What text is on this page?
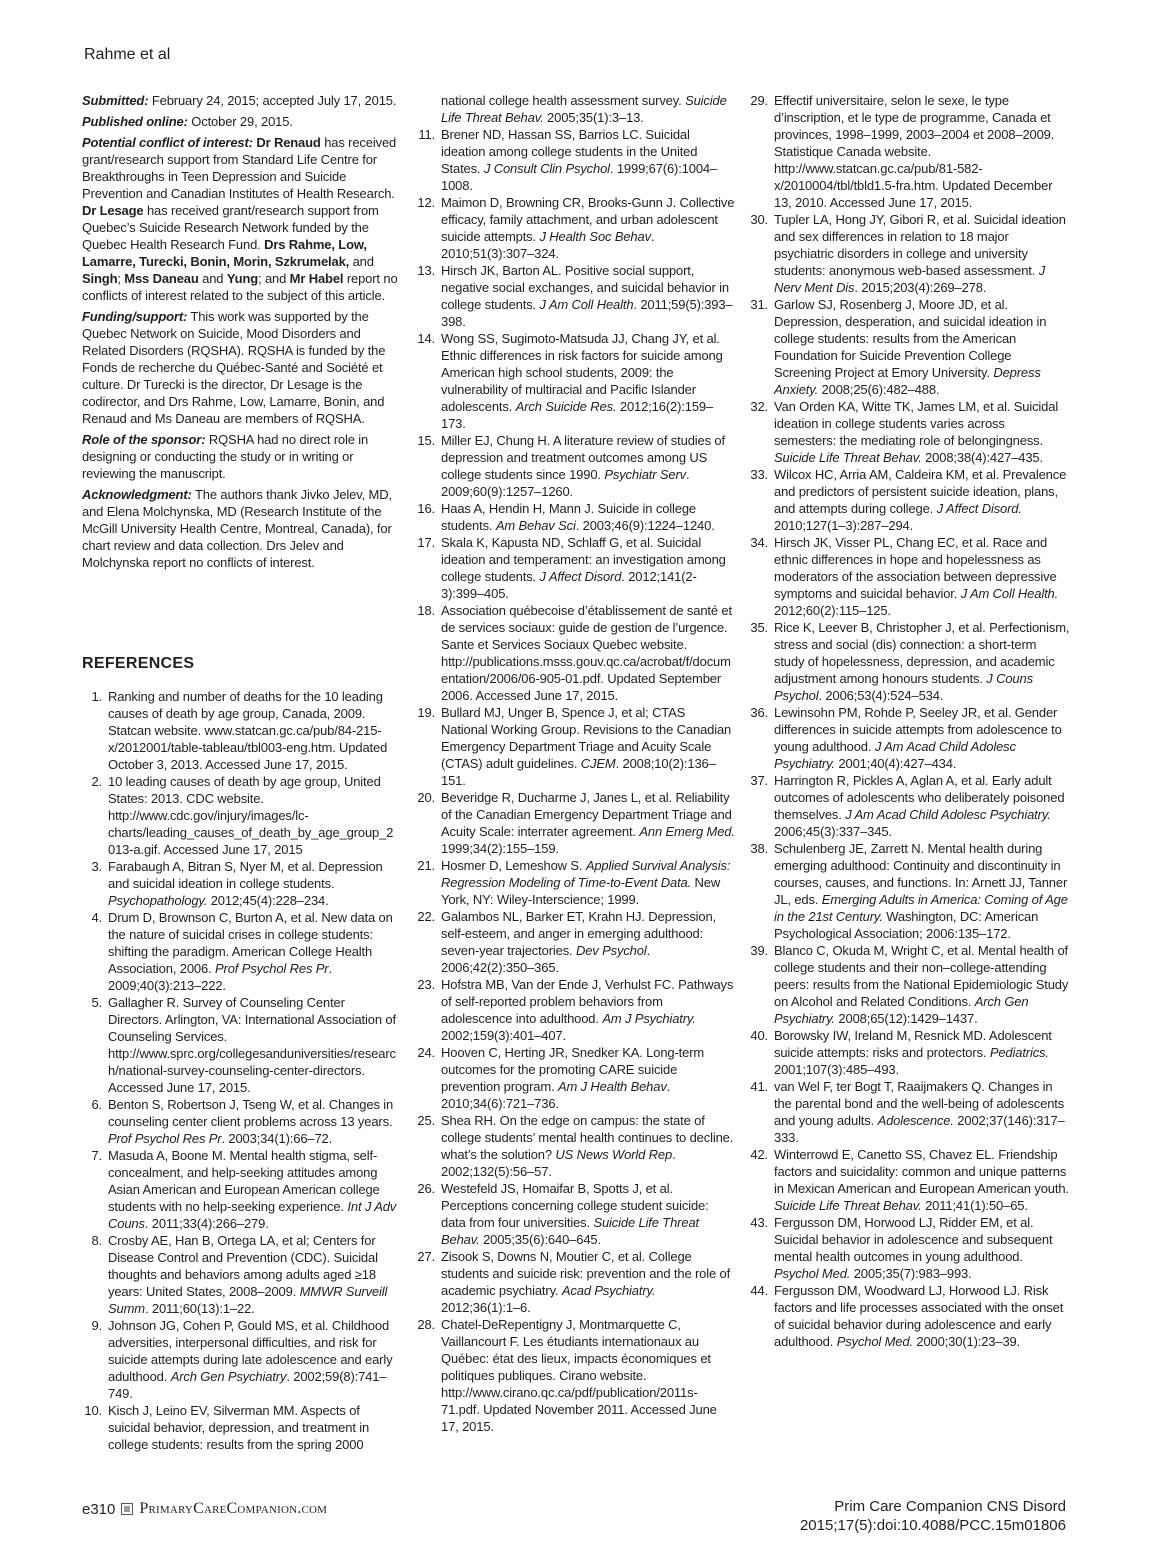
Rahme et al

Submitted: February 24, 2015; accepted July 17, 2015.

Published online: October 29, 2015.

Potential conflict of interest: Dr Renaud has received grant/research support from Standard Life Centre for Breakthroughs in Teen Depression and Suicide Prevention and Canadian Institutes of Health Research. Dr Lesage has received grant/research support from Quebec’s Suicide Research Network funded by the Quebec Health Research Fund. Drs Rahme, Low, Lamarre, Turecki, Bonin, Morin, Szkrumelak, and Singh; Mss Daneau and Yung; and Mr Habel report no conflicts of interest related to the subject of this article.

Funding/support: This work was supported by the Quebec Network on Suicide, Mood Disorders and Related Disorders (RQSHA). RQSHA is funded by the Fonds de recherche du Québec-Santé and Société et culture. Dr Turecki is the director, Dr Lesage is the codirector, and Drs Rahme, Low, Lamarre, Bonin, and Renaud and Ms Daneau are members of RQSHA.

Role of the sponsor: RQSHA had no direct role in designing or conducting the study or in writing or reviewing the manuscript.

Acknowledgment: The authors thank Jivko Jelev, MD, and Elena Molchynska, MD (Research Institute of the McGill University Health Centre, Montreal, Canada), for chart review and data collection. Drs Jelev and Molchynska report no conflicts of interest.

REFERENCES
1. Ranking and number of deaths for the 10 leading causes of death by age group, Canada, 2009. Statcan website. www.statcan.gc.ca/pub/84-215-x/2012001/table-tableau/tbl003-eng.htm. Updated October 3, 2013. Accessed June 17, 2015.
2. 10 leading causes of death by age group, United States: 2013. CDC website. http://www.cdc.gov/injury/images/lc-charts/leading_causes_of_death_by_age_group_2013-a.gif. Accessed June 17, 2015
3. Farabaugh A, Bitran S, Nyer M, et al. Depression and suicidal ideation in college students. Psychopathology. 2012;45(4):228–234.
4. Drum D, Brownson C, Burton A, et al. New data on the nature of suicidal crises in college students: shifting the paradigm. American College Health Association, 2006. Prof Psychol Res Pr. 2009;40(3):213–222.
5. Gallagher R. Survey of Counseling Center Directors. Arlington, VA: International Association of Counseling Services. http://www.sprc.org/collegesanduniversities/research/national-survey-counseling-center-directors. Accessed June 17, 2015.
6. Benton S, Robertson J, Tseng W, et al. Changes in counseling center client problems across 13 years. Prof Psychol Res Pr. 2003;34(1):66–72.
7. Masuda A, Boone M. Mental health stigma, self-concealment, and help-seeking attitudes among Asian American and European American college students with no help-seeking experience. Int J Adv Couns. 2011;33(4):266–279.
8. Crosby AE, Han B, Ortega LA, et al; Centers for Disease Control and Prevention (CDC). Suicidal thoughts and behaviors among adults aged ≥18 years: United States, 2008–2009. MMWR Surveill Summ. 2011;60(13):1–22.
9. Johnson JG, Cohen P, Gould MS, et al. Childhood adversities, interpersonal difficulties, and risk for suicide attempts during late adolescence and early adulthood. Arch Gen Psychiatry. 2002;59(8):741–749.
10. Kisch J, Leino EV, Silverman MM. Aspects of suicidal behavior, depression, and treatment in college students: results from the spring 2000
national college health assessment survey. Suicide Life Threat Behav. 2005;35(1):3–13.
11. Brener ND, Hassan SS, Barrios LC. Suicidal ideation among college students in the United States. J Consult Clin Psychol. 1999;67(6):1004–1008.
12. Maimon D, Browning CR, Brooks-Gunn J. Collective efficacy, family attachment, and urban adolescent suicide attempts. J Health Soc Behav. 2010;51(3):307–324.
13. Hirsch JK, Barton AL. Positive social support, negative social exchanges, and suicidal behavior in college students. J Am Coll Health. 2011;59(5):393–398.
14. Wong SS, Sugimoto-Matsuda JJ, Chang JY, et al. Ethnic differences in risk factors for suicide among American high school students, 2009: the vulnerability of multiracial and Pacific Islander adolescents. Arch Suicide Res. 2012;16(2):159–173.
15. Miller EJ, Chung H. A literature review of studies of depression and treatment outcomes among US college students since 1990. Psychiatr Serv. 2009;60(9):1257–1260.
16. Haas A, Hendin H, Mann J. Suicide in college students. Am Behav Sci. 2003;46(9):1224–1240.
17. Skala K, Kapusta ND, Schlaff G, et al. Suicidal ideation and temperament: an investigation among college students. J Affect Disord. 2012;141(2-3):399–405.
18. Association québecoise d’établissement de santé et de services sociaux: guide de gestion de l’urgence. Sante et Services Sociaux Quebec website. http://publications.msss.gouv.qc.ca/acrobat/f/documentation/2006/06-905-01.pdf. Updated September 2006. Accessed June 17, 2015.
19. Bullard MJ, Unger B, Spence J, et al; CTAS National Working Group. Revisions to the Canadian Emergency Department Triage and Acuity Scale (CTAS) adult guidelines. CJEM. 2008;10(2):136–151.
20. Beveridge R, Ducharme J, Janes L, et al. Reliability of the Canadian Emergency Department Triage and Acuity Scale: interrater agreement. Ann Emerg Med. 1999;34(2):155–159.
21. Hosmer D, Lemeshow S. Applied Survival Analysis: Regression Modeling of Time-to-Event Data. New York, NY: Wiley-Interscience; 1999.
22. Galambos NL, Barker ET, Krahn HJ. Depression, self-esteem, and anger in emerging adulthood: seven-year trajectories. Dev Psychol. 2006;42(2):350–365.
23. Hofstra MB, Van der Ende J, Verhulst FC. Pathways of self-reported problem behaviors from adolescence into adulthood. Am J Psychiatry. 2002;159(3):401–407.
24. Hooven C, Herting JR, Snedker KA. Long-term outcomes for the promoting CARE suicide prevention program. Am J Health Behav. 2010;34(6):721–736.
25. Shea RH. On the edge on campus: the state of college students’ mental health continues to decline. what’s the solution? US News World Rep. 2002;132(5):56–57.
26. Westefeld JS, Homaifar B, Spotts J, et al. Perceptions concerning college student suicide: data from four universities. Suicide Life Threat Behav. 2005;35(6):640–645.
27. Zisook S, Downs N, Moutier C, et al. College students and suicide risk: prevention and the role of academic psychiatry. Acad Psychiatry. 2012;36(1):1–6.
28. Chatel-DeRepentigny J, Montmarquette C, Vaillancourt F. Les étudiants internationaux au Québec: état des lieux, impacts économiques et politiques publiques. Cirano website. http://www.cirano.qc.ca/pdf/publication/2011s-71.pdf. Updated November 2011. Accessed June 17, 2015.
29. Effectif universitaire, selon le sexe, le type d’inscription, et le type de programme, Canada et provinces, 1998–1999, 2003–2004 et 2008–2009. Statistique Canada website. http://www.statcan.gc.ca/pub/81-582-x/2010004/tbl/tbld1.5-fra.htm. Updated December 13, 2010. Accessed June 17, 2015.
30. Tupler LA, Hong JY, Gibori R, et al. Suicidal ideation and sex differences in relation to 18 major psychiatric disorders in college and university students: anonymous web-based assessment. J Nerv Ment Dis. 2015;203(4):269–278.
31. Garlow SJ, Rosenberg J, Moore JD, et al. Depression, desperation, and suicidal ideation in college students: results from the American Foundation for Suicide Prevention College Screening Project at Emory University. Depress Anxiety. 2008;25(6):482–488.
32. Van Orden KA, Witte TK, James LM, et al. Suicidal ideation in college students varies across semesters: the mediating role of belongingness. Suicide Life Threat Behav. 2008;38(4):427–435.
33. Wilcox HC, Arria AM, Caldeira KM, et al. Prevalence and predictors of persistent suicide ideation, plans, and attempts during college. J Affect Disord. 2010;127(1–3):287–294.
34. Hirsch JK, Visser PL, Chang EC, et al. Race and ethnic differences in hope and hopelessness as moderators of the association between depressive symptoms and suicidal behavior. J Am Coll Health. 2012;60(2):115–125.
35. Rice K, Leever B, Christopher J, et al. Perfectionism, stress and social (dis) connection: a short-term study of hopelessness, depression, and academic adjustment among honours students. J Couns Psychol. 2006;53(4):524–534.
36. Lewinsohn PM, Rohde P, Seeley JR, et al. Gender differences in suicide attempts from adolescence to young adulthood. J Am Acad Child Adolesc Psychiatry. 2001;40(4):427–434.
37. Harrington R, Pickles A, Aglan A, et al. Early adult outcomes of adolescents who deliberately poisoned themselves. J Am Acad Child Adolesc Psychiatry. 2006;45(3):337–345.
38. Schulenberg JE, Zarrett N. Mental health during emerging adulthood: Continuity and discontinuity in courses, causes, and functions. In: Arnett JJ, Tanner JL, eds. Emerging Adults in America: Coming of Age in the 21st Century. Washington, DC: American Psychological Association; 2006:135–172.
39. Blanco C, Okuda M, Wright C, et al. Mental health of college students and their non–college-attending peers: results from the National Epidemiologic Study on Alcohol and Related Conditions. Arch Gen Psychiatry. 2008;65(12):1429–1437.
40. Borowsky IW, Ireland M, Resnick MD. Adolescent suicide attempts: risks and protectors. Pediatrics. 2001;107(3):485–493.
41. van Wel F, ter Bogt T, Raaijmakers Q. Changes in the parental bond and the well-being of adolescents and young adults. Adolescence. 2002;37(146):317–333.
42. Winterrowd E, Canetto SS, Chavez EL. Friendship factors and suicidality: common and unique patterns in Mexican American and European American youth. Suicide Life Threat Behav. 2011;41(1):50–65.
43. Fergusson DM, Horwood LJ, Ridder EM, et al. Suicidal behavior in adolescence and subsequent mental health outcomes in young adulthood. Psychol Med. 2005;35(7):983–993.
44. Fergusson DM, Woodward LJ, Horwood LJ. Risk factors and life processes associated with the onset of suicidal behavior during adolescence and early adulthood. Psychol Med. 2000;30(1):23–39.
e310 PrimaryCareCompanion.com	Prim Care Companion CNS Disord
2015;17(5):doi:10.4088/PCC.15m01806
